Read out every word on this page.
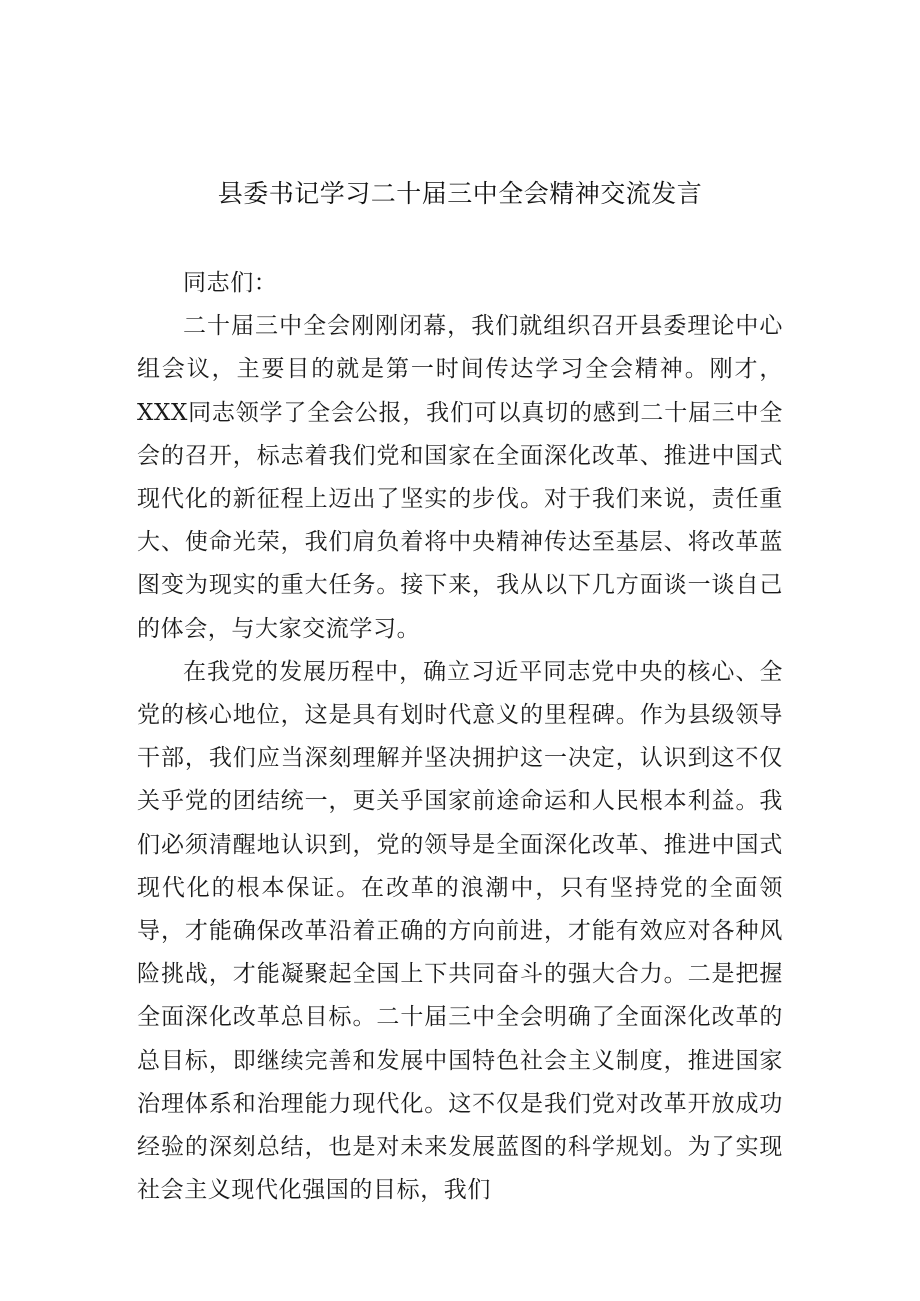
县委书记学习二十届三中全会精神交流发言

同志们：

二十届三中全会刚刚闭幕，我们就组织召开县委理论中心组会议，主要目的就是第一时间传达学习全会精神。刚才，XXX同志领学了全会公报，我们可以真切的感到二十届三中全会的召开，标志着我们党和国家在全面深化改革、推进中国式现代化的新征程上迈出了坚实的步伐。对于我们来说，责任重大、使命光荣，我们肩负着将中央精神传达至基层、将改革蓝图变为现实的重大任务。接下来，我从以下几方面谈一谈自己的体会，与大家交流学习。

在我党的发展历程中，确立习近平同志党中央的核心、全党的核心地位，这是具有划时代意义的里程碑。作为县级领导干部，我们应当深刻理解并坚决拥护这一决定，认识到这不仅关乎党的团结统一，更关乎国家前途命运和人民根本利益。我们必须清醒地认识到，党的领导是全面深化改革、推进中国式现代化的根本保证。在改革的浪潮中，只有坚持党的全面领导，才能确保改革沿着正确的方向前进，才能有效应对各种风险挑战，才能凝聚起全国上下共同奋斗的强大合力。二是把握全面深化改革总目标。二十届三中全会明确了全面深化改革的总目标，即继续完善和发展中国特色社会主义制度，推进国家治理体系和治理能力现代化。这不仅是我们党对改革开放成功经验的深刻总结，也是对未来发展蓝图的科学规划。为了实现社会主义现代化强国的目标，我们
